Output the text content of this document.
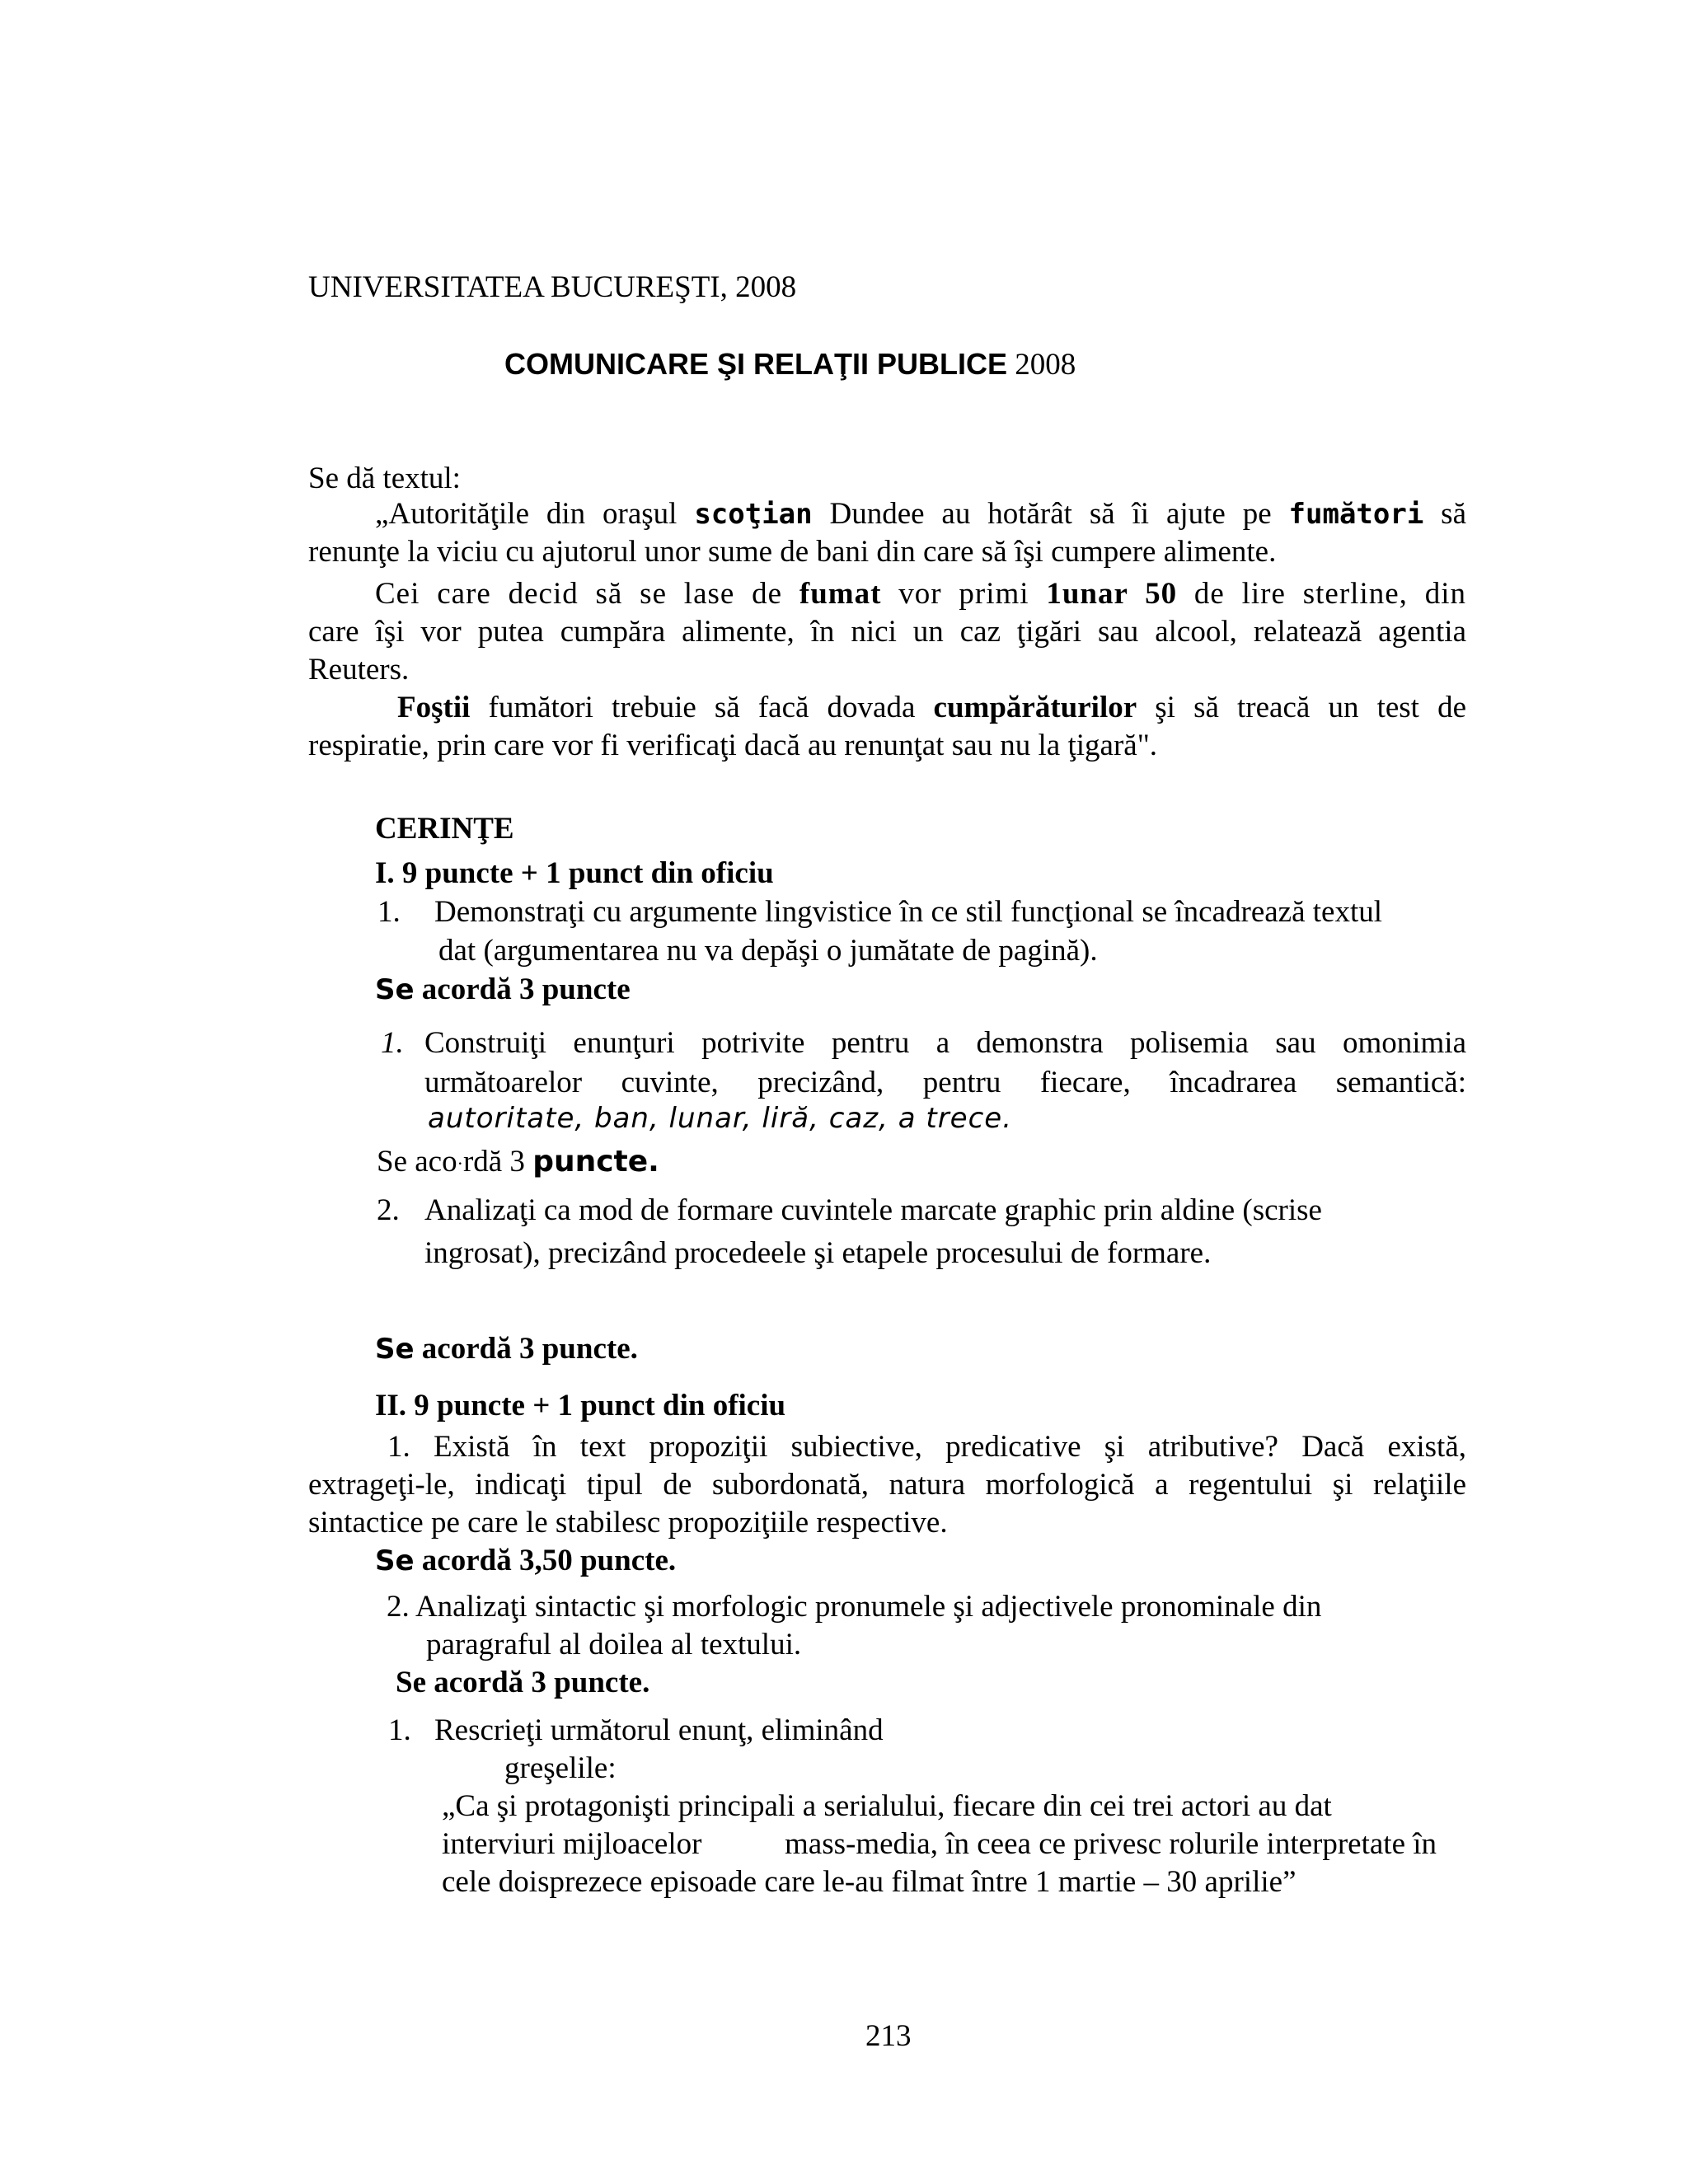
UNIVERSITATEA BUCUREŞTI, 2008
COMUNICARE ŞI RELAŢII PUBLICE 2008
Se dă textul:
„Autorităţile din oraşul scoţian Dundee au hotărât să îi ajute pe fumători să
renunţe la viciu cu ajutorul unor sume de bani din care să îşi cumpere alimente.
Cei care decid să se lase de fumat vor primi 1unar 50 de lire sterline, din
care îşi vor putea cumpăra alimente, în nici un caz ţigări sau alcool, relatează agentia
Reuters.
Foştii fumători trebuie să facă dovada cumpărăturilor şi să treacă un test de
respiratie, prin care vor fi verificaţi dacă au renunţat sau nu la ţigară".
CERINŢE
I. 9 puncte + 1 punct din oficiu
1. Demonstraţi cu argumente lingvistice în ce stil funcţional se încadrează textul
dat (argumentarea nu va depăşi o jumătate de pagină).
Se acordă 3 puncte
1. Construiţi enunţuri potrivite pentru a demonstra polisemia sau omonimia
următoarelor cuvinte, precizând, pentru fiecare, încadrarea semantică:
autoritate, ban, lunar, liră, caz, a trece.
Se aco·rdă 3 puncte.
2. Analizaţi ca mod de formare cuvintele marcate graphic prin aldine (scrise
ingrosat), precizând procedeele şi etapele procesului de formare.
Se acordă 3 puncte.
II. 9 puncte + 1 punct din oficiu
1. Există în text propoziţii subiective, predicative şi atributive? Dacă există,
extrageţi-le, indicaţi tipul de subordonată, natura morfologică a regentului şi relaţiile
sintactice pe care le stabilesc propoziţiile respective.
Se acordă 3,50 puncte.
2. Analizaţi sintactic şi morfologic pronumele şi adjectivele pronominale din
paragraful al doilea al textului.
Se acordă 3 puncte.
1. Rescrieţi următorul enunţ, eliminând
greşelile:
„Ca şi protagonişti principali a serialului, fiecare din cei trei actori au dat
interviuri mijloacelor	mass-media, în ceea ce privesc rolurile interpretate în
cele doisprezece episoade care le-au filmat între 1 martie – 30 aprilie”
213
